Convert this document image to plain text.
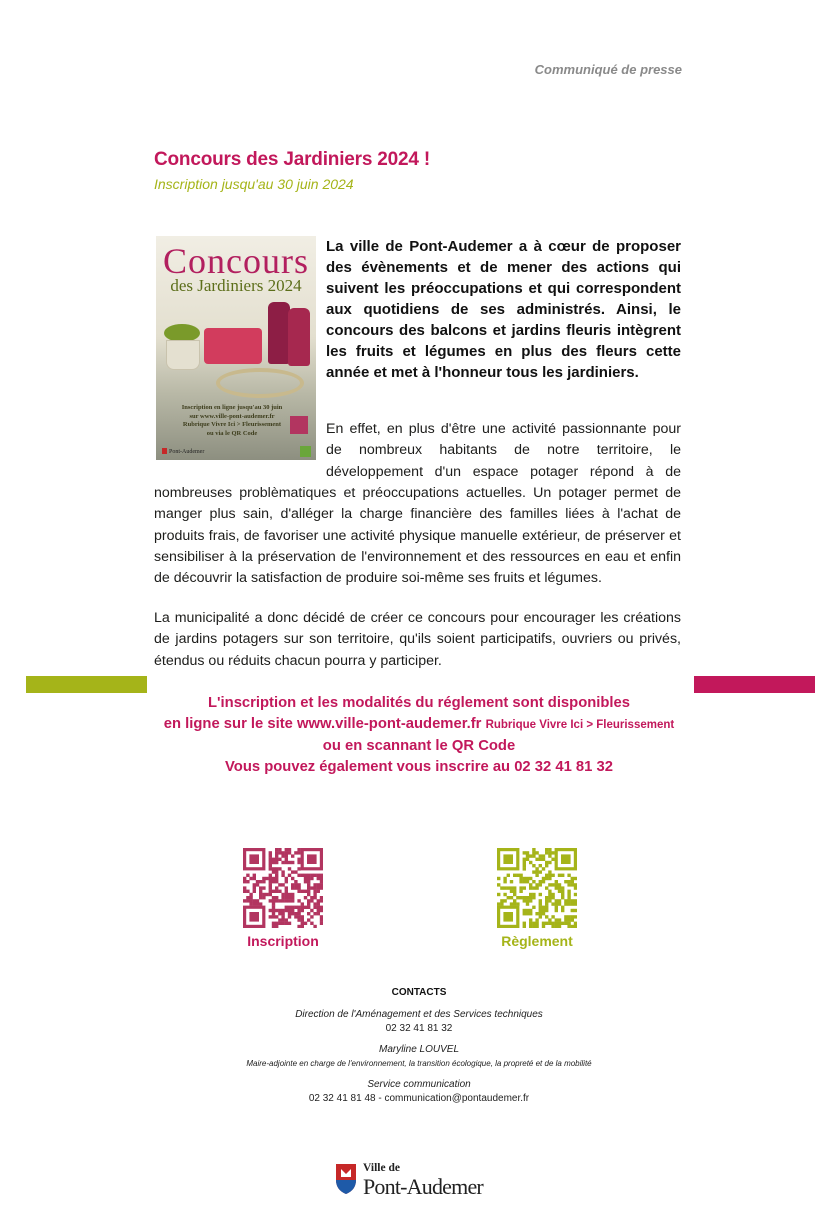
Communiqué de presse
Concours des Jardiniers 2024 !
Inscription jusqu'au 30 juin 2024
Concours
des Jardiniers 2024
Inscription en ligne jusqu'au 30 juin
sur www.ville-pont-audemer.fr
Rubrique Vivre Ici > Fleurissement
ou via le QR Code
Pont-Audemer
La ville de Pont-Audemer a à cœur de proposer des évènements et de mener des actions qui suivent les préoccupations et qui correspondent aux quotidiens de ses administrés. Ainsi, le concours des balcons et jardins fleuris intègrent les fruits et légumes en plus des fleurs cette année et met à l'honneur tous les jardiniers.
En effet, en plus d'être une activité passionnante pour de nombreux habitants de notre territoire, le développement d'un espace potager répond à de
nombreuses problèmatiques et préoccupations actuelles. Un potager permet de manger plus sain, d'alléger la charge financière des familles liées à l'achat de produits frais, de favoriser une activité physique manuelle extérieur, de préserver et sensibiliser à la préservation de l'environnement et des ressources en eau et enfin de découvrir la satisfaction de produire soi-même ses fruits et légumes.
La municipalité a donc décidé de créer ce concours pour encourager les créations de jardins potagers sur son territoire, qu'ils soient participatifs, ouvriers ou privés, étendus ou réduits chacun pourra y participer.
L'inscription et les modalités du réglement sont disponibles
en ligne sur le site www.ville-pont-audemer.fr Rubrique Vivre Ici > Fleurissement
ou en scannant le QR Code
Vous pouvez également vous inscrire au 02 32 41 81 32
Inscription	Règlement
CONTACTS
Direction de l'Aménagement et des Services techniques
02 32 41 81 32
Maryline LOUVEL
Maire-adjointe en charge de l'environnement, la transition écologique, la propreté et de la mobilité
Service communication
02 32 41 81 48 - communication@pontaudemer.fr
Ville de
Pont-Audemer
